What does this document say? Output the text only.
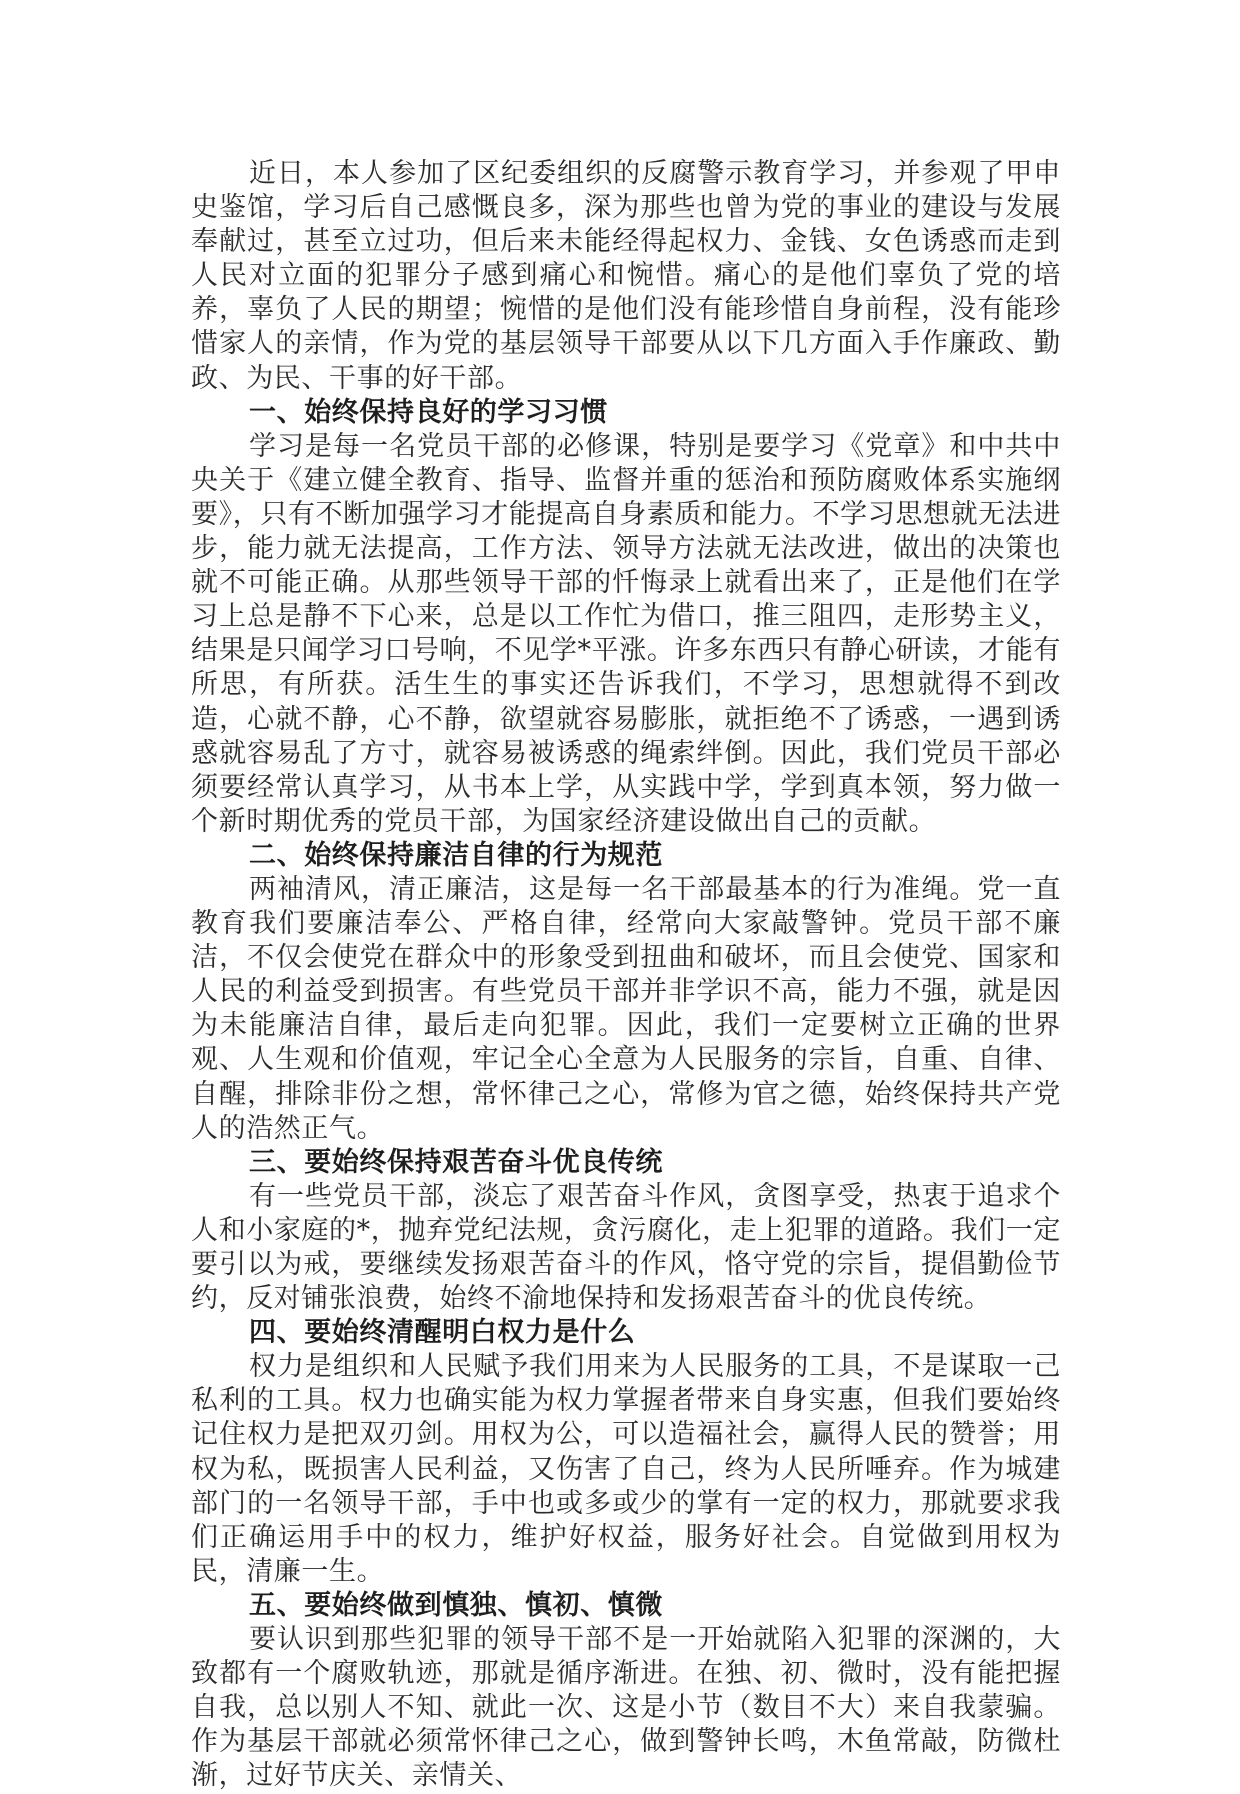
近日，本人参加了区纪委组织的反腐警示教育学习，并参观了甲申史鉴馆，学习后自己感慨良多，深为那些也曾为党的事业的建设与发展奉献过，甚至立过功，但后来未能经得起权力、金钱、女色诱惑而走到人民对立面的犯罪分子感到痛心和惋惜。痛心的是他们辜负了党的培养，辜负了人民的期望；惋惜的是他们没有能珍惜自身前程，没有能珍惜家人的亲情，作为党的基层领导干部要从以下几方面入手作廉政、勤政、为民、干事的好干部。

一、始终保持良好的学习习惯

学习是每一名党员干部的必修课，特别是要学习《党章》和中共中央关于《建立健全教育、指导、监督并重的惩治和预防腐败体系实施纲要》，只有不断加强学习才能提高自身素质和能力。不学习思想就无法进步，能力就无法提高，工作方法、领导方法就无法改进，做出的决策也就不可能正确。从那些领导干部的忏悔录上就看出来了，正是他们在学习上总是静不下心来，总是以工作忙为借口，推三阻四，走形势主义，结果是只闻学习口号响，不见学*平涨。许多东西只有静心研读，才能有所思，有所获。活生生的事实还告诉我们，不学习，思想就得不到改造，心就不静，心不静，欲望就容易膨胀，就拒绝不了诱惑，一遇到诱惑就容易乱了方寸，就容易被诱惑的绳索绊倒。因此，我们党员干部必须要经常认真学习，从书本上学，从实践中学，学到真本领，努力做一个新时期优秀的党员干部，为国家经济建设做出自己的贡献。

二、始终保持廉洁自律的行为规范

两袖清风，清正廉洁，这是每一名干部最基本的行为准绳。党一直教育我们要廉洁奉公、严格自律，经常向大家敲警钟。党员干部不廉洁，不仅会使党在群众中的形象受到扭曲和破坏，而且会使党、国家和人民的利益受到损害。有些党员干部并非学识不高，能力不强，就是因为未能廉洁自律，最后走向犯罪。因此，我们一定要树立正确的世界观、人生观和价值观，牢记全心全意为人民服务的宗旨，自重、自律、自醒，排除非份之想，常怀律己之心，常修为官之德，始终保持共产党人的浩然正气。

三、要始终保持艰苦奋斗优良传统

有一些党员干部，淡忘了艰苦奋斗作风，贪图享受，热衷于追求个人和小家庭的*，抛弃党纪法规，贪污腐化，走上犯罪的道路。我们一定要引以为戒，要继续发扬艰苦奋斗的作风，恪守党的宗旨，提倡勤俭节约，反对铺张浪费，始终不渝地保持和发扬艰苦奋斗的优良传统。

四、要始终清醒明白权力是什么

权力是组织和人民赋予我们用来为人民服务的工具，不是谋取一己私利的工具。权力也确实能为权力掌握者带来自身实惠，但我们要始终记住权力是把双刃剑。用权为公，可以造福社会，赢得人民的赞誉；用权为私，既损害人民利益，又伤害了自己，终为人民所唾弃。作为城建部门的一名领导干部，手中也或多或少的掌有一定的权力，那就要求我们正确运用手中的权力，维护好权益，服务好社会。自觉做到用权为民，清廉一生。

五、要始终做到慎独、慎初、慎微

要认识到那些犯罪的领导干部不是一开始就陷入犯罪的深渊的，大致都有一个腐败轨迹，那就是循序渐进。在独、初、微时，没有能把握自我，总以别人不知、就此一次、这是小节（数目不大）来自我蒙骗。作为基层干部就必须常怀律己之心，做到警钟长鸣，木鱼常敲，防微杜渐，过好节庆关、亲情关、
